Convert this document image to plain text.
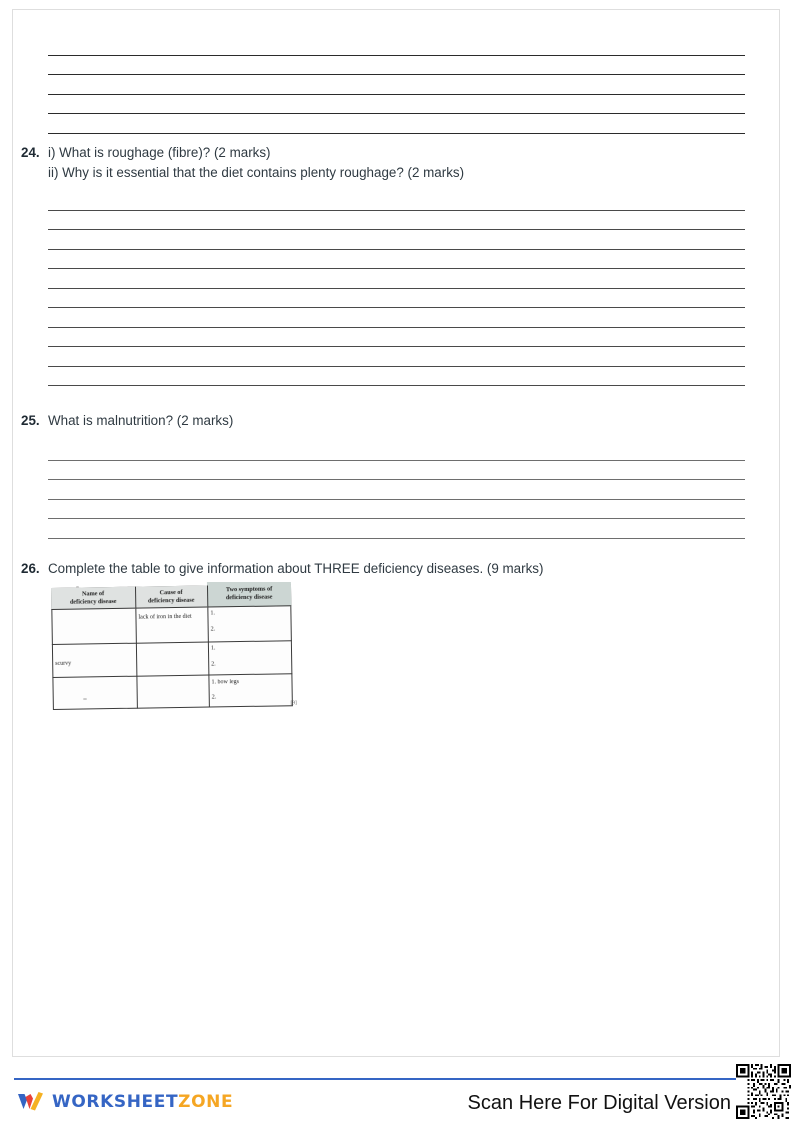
24. i) What is roughage (fibre)? (2 marks)
ii) Why is it essential that the diet contains plenty roughage? (2 marks)
25. What is malnutrition? (2 marks)
26. Complete the table to give information about THREE deficiency diseases. (9 marks)
Name of
deficiency disease
Cause of
deficiency disease
Two symptoms of
deficiency disease
lack of iron in the diet
1.
2.
scurvy
1.
2.
1. bow legs
2.
[9]
WORKSHEETZONE	Scan Here For Digital Version
